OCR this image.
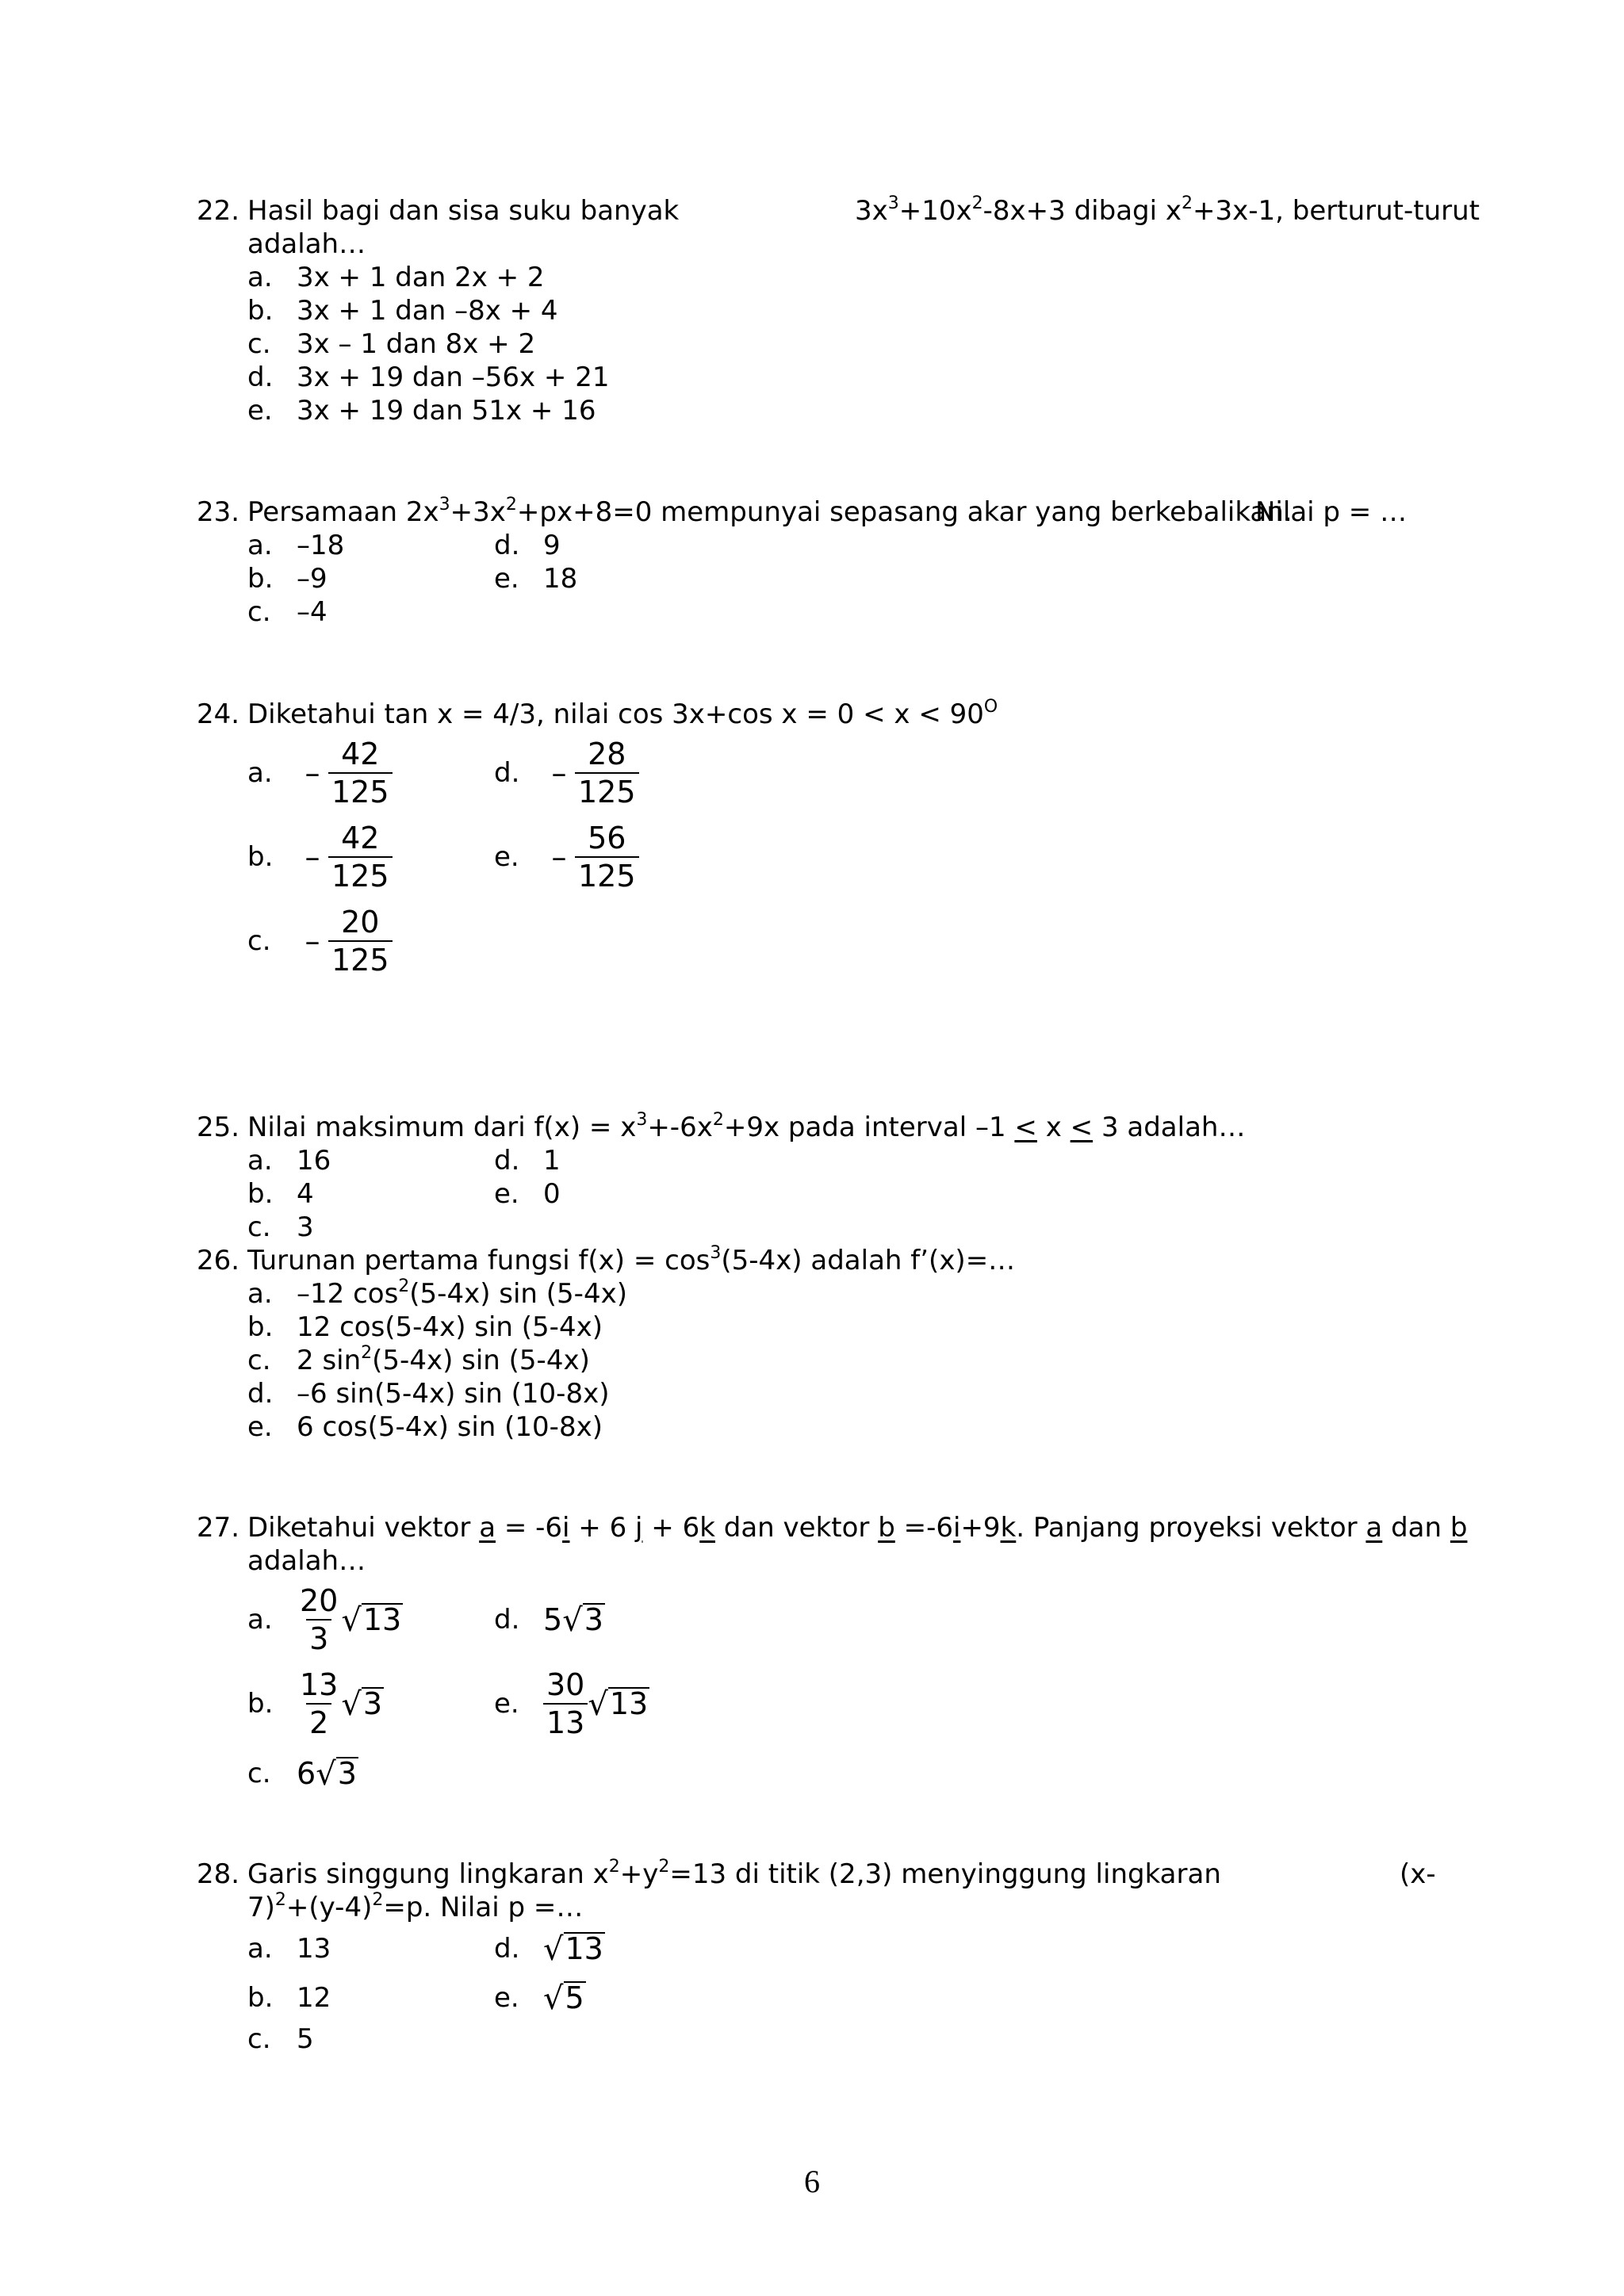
22. Hasil bagi dan sisa suku banyak	$3x^3+10x^2-8x+3$ dibagi $x^2+3x-1$, berturut-turut
adalah…
a. 3x + 1 dan 2x + 2
b. 3x + 1 dan –8x + 4
c. 3x – 1 dan 8x + 2
d. 3x + 19 dan –56x + 21
e. 3x + 19 dan 51x + 16
23. Persamaan $2x^3+3x^2+px+8=0$ mempunyai sepasang akar yang berkebalikan.
Nilai p = …
a. –18	d. 9
b. –9	e. 18
c. –4
24. Diketahui tan x = 4/3, nilai cos 3x+cos $x = 0 < x < 90^O$
a.	– $\frac{42}{125}$	d.	– $\frac{28}{125}$
b.	– $\frac{42}{125}$	e.	– $\frac{56}{125}$
c.	– $\frac{20}{125}$
25. Nilai maksimum dari $f(x) = x^3+-6x^2+9x$ pada interval –1 < x < 3 adalah…
a. 16	d. 1
b. 4	e. 0
c. 3
26. Turunan pertama fungsi $f(x) = \cos^3(5-4x)$ adalah f’(x)=…
a. –12 $\cos^2(5-4x)$ sin (5-4x)
b. 12 cos(5-4x) sin (5-4x)
c. 2 $\sin^2(5-4x)$ sin (5-4x)
d. –6 sin(5-4x) sin (10-8x)
e. 6 cos(5-4x) sin (10-8x)
27. Diketahui vektor a = -6i + 6 j + 6k dan vektor b =-6i+9k. Panjang proyeksi vektor a dan b
adalah…
a. $\frac{20}{3}$ √ 13	d. 5 √ 3
b. $\frac{13}{2}$ √ 3	e. $\frac{30}{13}$ √ 13
c. 6 √ 3
28. Garis singgung lingkaran $x^2+y^2=13$ di titik (2,3) menyinggung lingkaran	(x-
$7)^2+(y-4)^2=p$. Nilai p =…
a. 13	d. √ 13
b. 12	e. √ 5
c. 5
6
